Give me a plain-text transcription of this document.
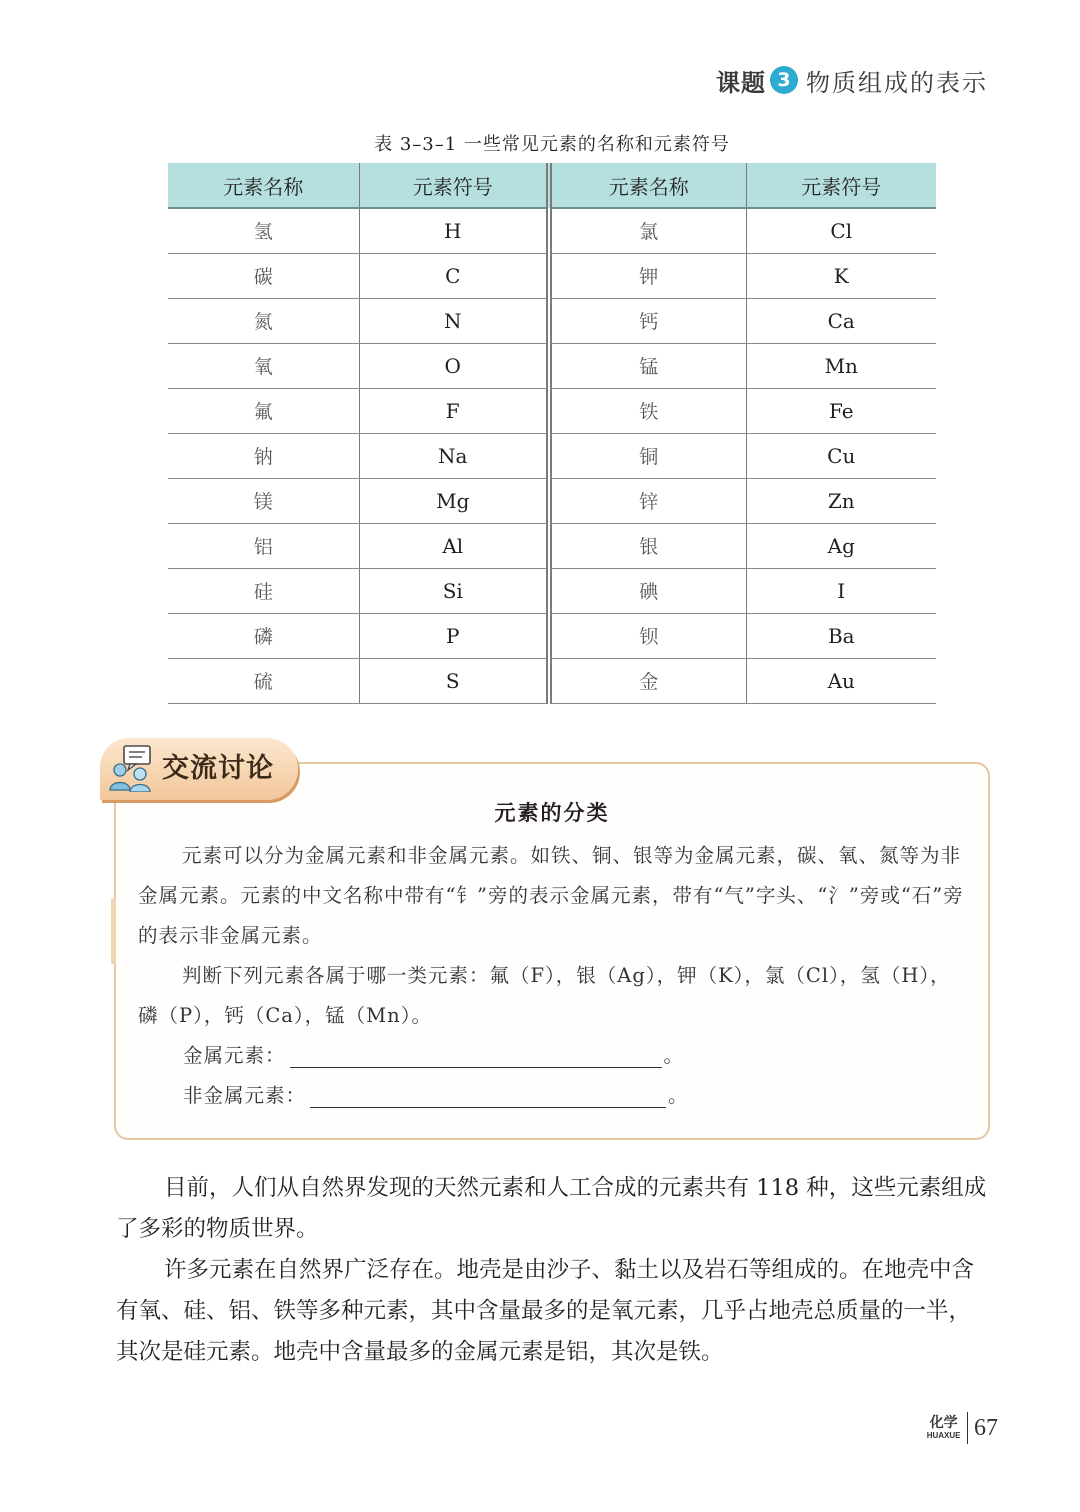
课题 3 物质组成的表示
表 3–3–1 一些常见元素的名称和元素符号
元素名称	元素符号	元素名称	元素符号
氢	H	氯	Cl
碳	C	钾	K
氮	N	钙	Ca
氧	O	锰	Mn
氟	F	铁	Fe
钠	Na	铜	Cu
镁	Mg	锌	Zn
铝	Al	银	Ag
硅	Si	碘	I
磷	P	钡	Ba
硫	S	金	Au
交流讨论
元素的分类

元素可以分为金属元素和非金属元素。如铁、铜、银等为金属元素，碳、氧、氮等为非金属元素。元素的中文名称中带有“钅”旁的表示金属元素，带有“气”字头、“氵”旁或“石”旁的表示非金属元素。

判断下列元素各属于哪一类元素：氟（F），银（Ag），钾（K），氯（Cl），氢（H），磷（P），钙（Ca），锰（Mn）。

金属元素：	。
非金属元素：	。

目前，人们从自然界发现的天然元素和人工合成的元素共有 118 种，这些元素组成了多彩的物质世界。

许多元素在自然界广泛存在。地壳是由沙子、黏土以及岩石等组成的。在地壳中含有氧、硅、铝、铁等多种元素，其中含量最多的是氧元素，几乎占地壳总质量的一半，其次是硅元素。地壳中含量最多的金属元素是铝，其次是铁。

化学
HUAXUE 67
